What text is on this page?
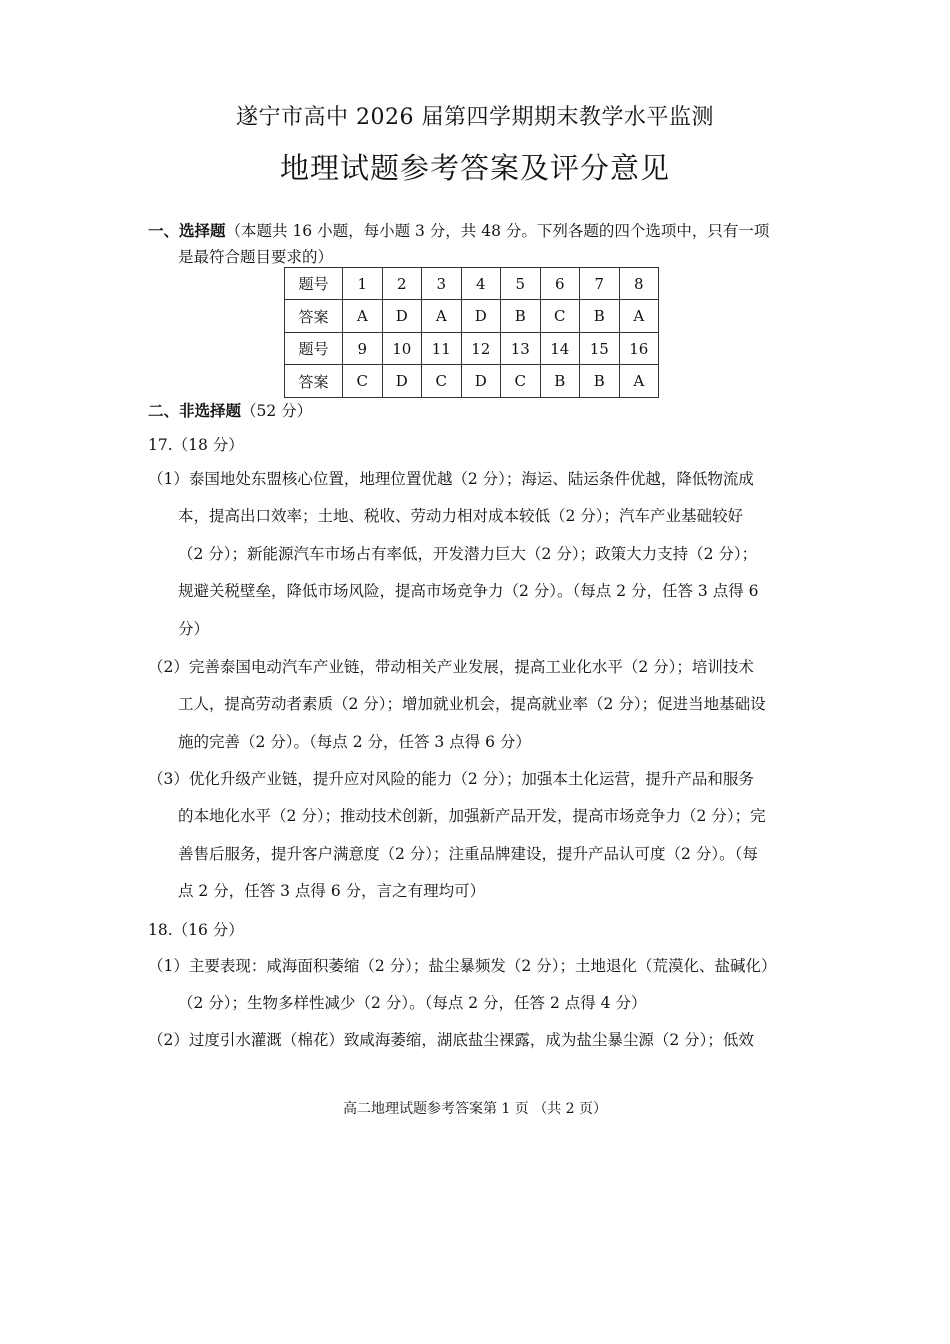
遂宁市高中 2026 届第四学期期末教学水平监测
地理试题参考答案及评分意见
一、选择题（本题共 16 小题，每小题 3 分，共 48 分。下列各题的四个选项中，只有一项
是最符合题目要求的）
题号	1	2	3	4	5	6	7	8
答案	A	D	A	D	B	C	B	A
题号	9	10	11	12	13	14	15	16
答案	C	D	C	D	C	B	B	A
二、非选择题（52 分）
17.（18 分）
（1）泰国地处东盟核心位置，地理位置优越（2 分）；海运、陆运条件优越，降低物流成
本，提高出口效率；土地、税收、劳动力相对成本较低（2 分）；汽车产业基础较好
（2 分）；新能源汽车市场占有率低，开发潜力巨大（2 分）；政策大力支持（2 分）；
规避关税壁垒，降低市场风险，提高市场竞争力（2 分）。（每点 2 分，任答 3 点得 6
分）
（2）完善泰国电动汽车产业链，带动相关产业发展，提高工业化水平（2 分）；培训技术
工人，提高劳动者素质（2 分）；增加就业机会，提高就业率（2 分）；促进当地基础设
施的完善（2 分）。（每点 2 分，任答 3 点得 6 分）
（3）优化升级产业链，提升应对风险的能力（2 分）；加强本土化运营，提升产品和服务
的本地化水平（2 分）；推动技术创新，加强新产品开发，提高市场竞争力（2 分）；完
善售后服务，提升客户满意度（2 分）；注重品牌建设，提升产品认可度（2 分）。（每
点 2 分，任答 3 点得 6 分，言之有理均可）
18.（16 分）
（1）主要表现：咸海面积萎缩（2 分）；盐尘暴频发（2 分）；土地退化（荒漠化、盐碱化）
（2 分）；生物多样性减少（2 分）。（每点 2 分，任答 2 点得 4 分）
（2）过度引水灌溉（棉花）致咸海萎缩，湖底盐尘裸露，成为盐尘暴尘源（2 分）；低效
高二地理试题参考答案第 1 页 （共 2 页）
